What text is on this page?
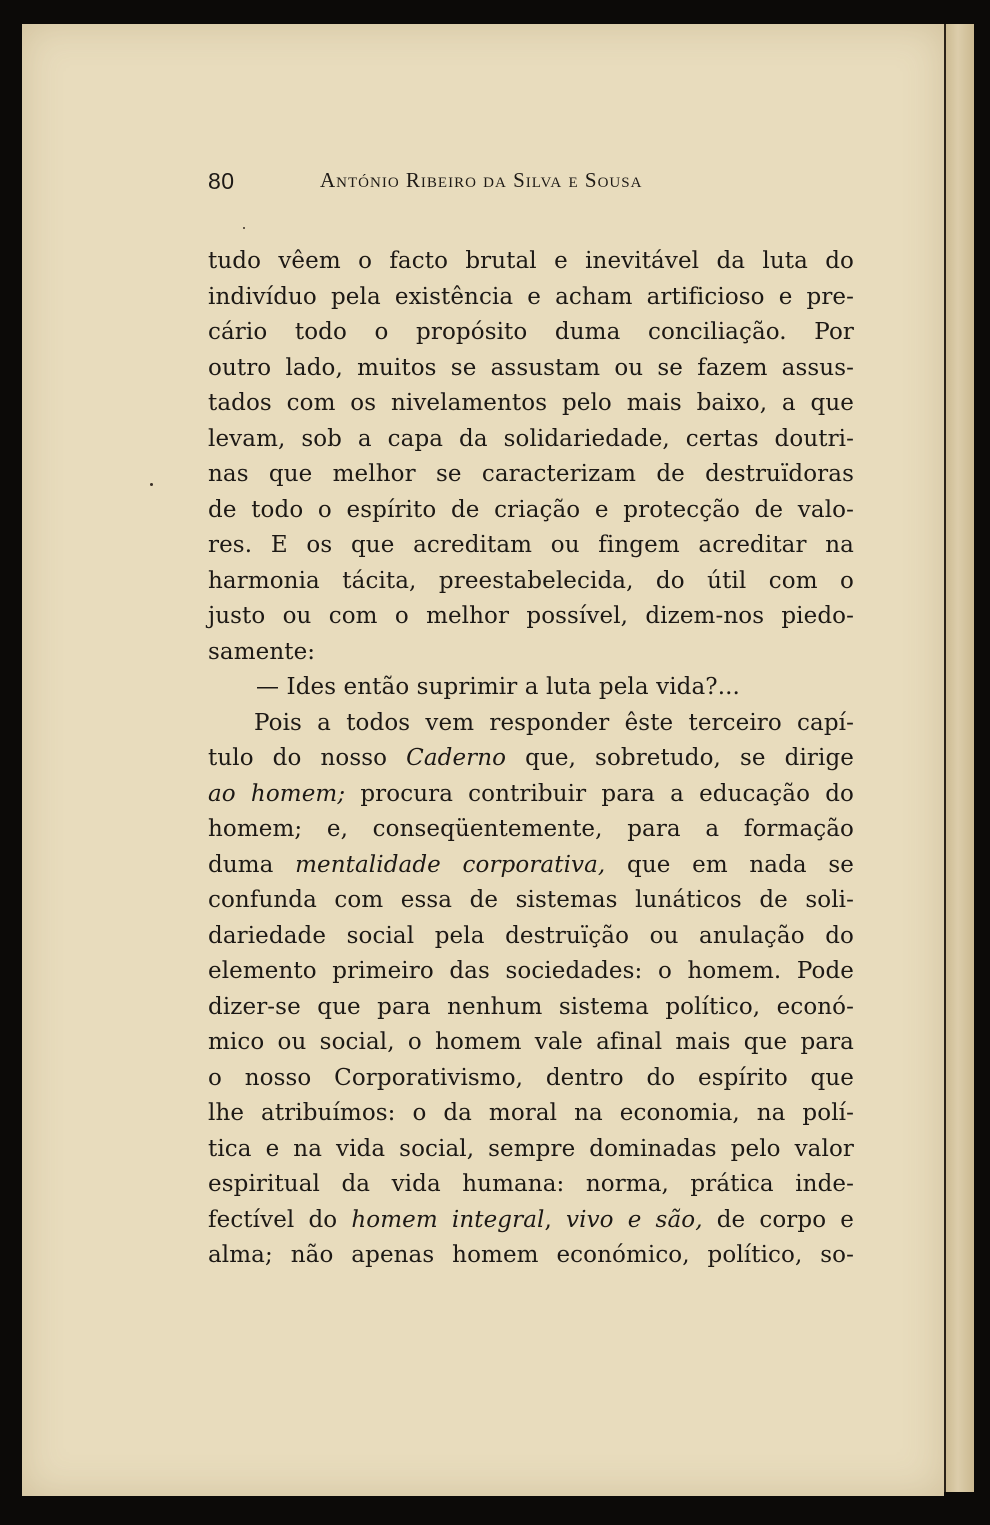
80	António Ribeiro da Silva e Sousa
tudo vêem o facto brutal e inevitável da luta do
indivíduo pela existência e acham artificioso e pre-
cário todo o propósito duma conciliação. Por
outro lado, muitos se assustam ou se fazem assus-
tados com os nivelamentos pelo mais baixo, a que
levam, sob a capa da solidariedade, certas doutri-
nas que melhor se caracterizam de destruïdoras
de todo o espírito de criação e protecção de valo-
res. E os que acreditam ou fingem acreditar na
harmonia tácita, preestabelecida, do útil com o
justo ou com o melhor possível, dizem-nos piedo-
samente:
— Ides então suprimir a luta pela vida?...
Pois a todos vem responder êste terceiro capí-
tulo do nosso Caderno que, sobretudo, se dirige
ao homem; procura contribuir para a educação do
homem; e, conseqüentemente, para a formação
duma mentalidade corporativa, que em nada se
confunda com essa de sistemas lunáticos de soli-
dariedade social pela destruïção ou anulação do
elemento primeiro das sociedades: o homem. Pode
dizer-se que para nenhum sistema político, econó-
mico ou social, o homem vale afinal mais que para
o nosso Corporativismo, dentro do espírito que
lhe atribuímos: o da moral na economia, na polí-
tica e na vida social, sempre dominadas pelo valor
espiritual da vida humana: norma, prática inde-
fectível do homem integral, vivo e são, de corpo e
alma; não apenas homem económico, político, so-
